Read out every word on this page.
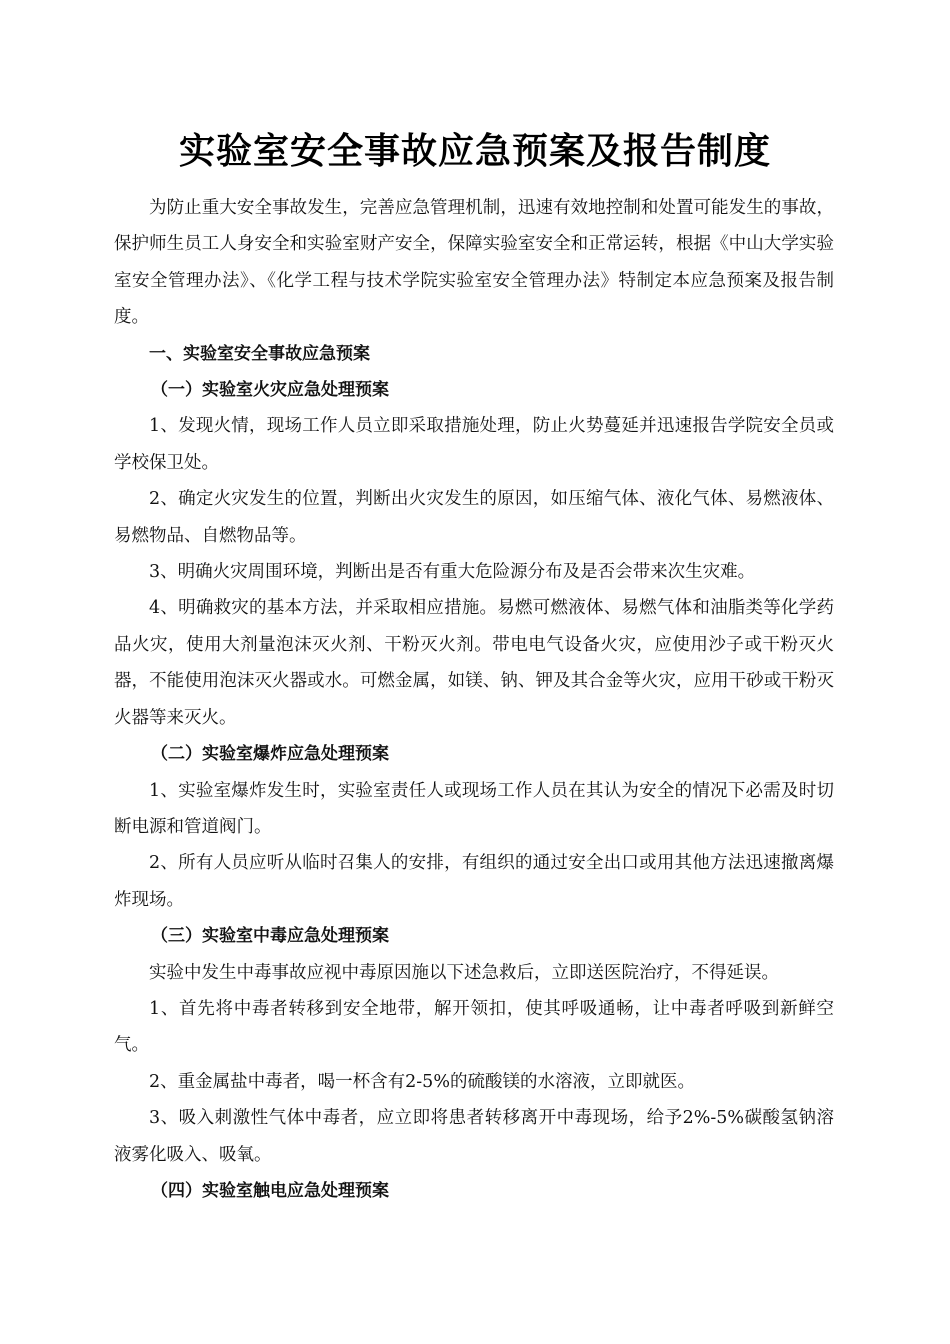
实验室安全事故应急预案及报告制度

为防止重大安全事故发生，完善应急管理机制，迅速有效地控制和处置可能发生的事故，保护师生员工人身安全和实验室财产安全，保障实验室安全和正常运转，根据《中山大学实验室安全管理办法》、《化学工程与技术学院实验室安全管理办法》特制定本应急预案及报告制度。

一、实验室安全事故应急预案

（一）实验室火灾应急处理预案

1、发现火情，现场工作人员立即采取措施处理，防止火势蔓延并迅速报告学院安全员或学校保卫处。

2、确定火灾发生的位置，判断出火灾发生的原因，如压缩气体、液化气体、易燃液体、易燃物品、自燃物品等。

3、明确火灾周围环境，判断出是否有重大危险源分布及是否会带来次生灾难。

4、明确救灾的基本方法，并采取相应措施。易燃可燃液体、易燃气体和油脂类等化学药品火灾，使用大剂量泡沫灭火剂、干粉灭火剂。带电电气设备火灾，应使用沙子或干粉灭火器，不能使用泡沫灭火器或水。可燃金属，如镁、钠、钾及其合金等火灾，应用干砂或干粉灭火器等来灭火。

（二）实验室爆炸应急处理预案

1、实验室爆炸发生时，实验室责任人或现场工作人员在其认为安全的情况下必需及时切断电源和管道阀门。

2、所有人员应听从临时召集人的安排，有组织的通过安全出口或用其他方法迅速撤离爆炸现场。

（三）实验室中毒应急处理预案

实验中发生中毒事故应视中毒原因施以下述急救后，立即送医院治疗，不得延误。

1、首先将中毒者转移到安全地带，解开领扣，使其呼吸通畅，让中毒者呼吸到新鲜空气。

2、重金属盐中毒者，喝一杯含有2-5%的硫酸镁的水溶液，立即就医。

3、吸入刺激性气体中毒者，应立即将患者转移离开中毒现场，给予2%-5%碳酸氢钠溶液雾化吸入、吸氧。

（四）实验室触电应急处理预案
